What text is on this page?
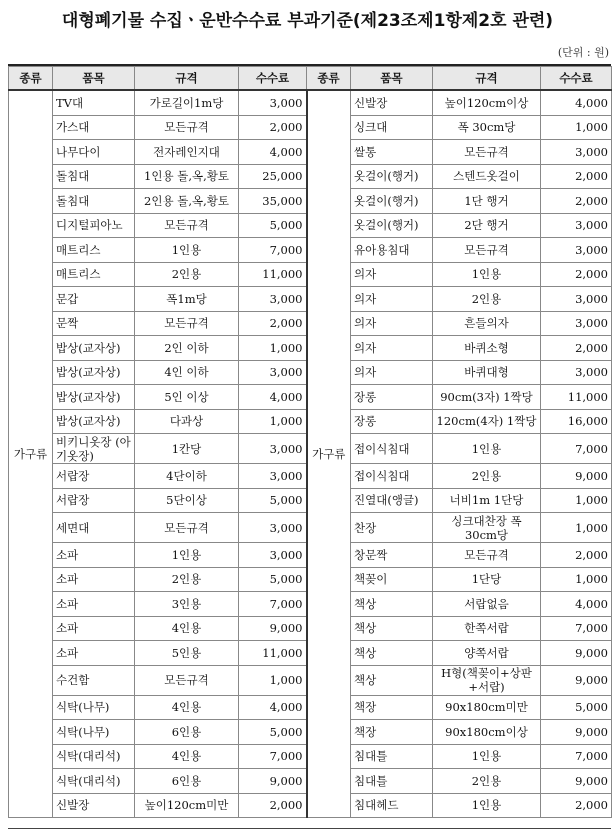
대형폐기물 수집ㆍ운반수수료 부과기준(제23조제1항제2호 관련)
(단위 : 원)
종류	품목	규격	수수료	종류	품목	규격	수수료
가구류	TV대	가로길이1m당	3,000	가구류	신발장	높이120cm이상	4,000
	가스대	모든규격	2,000		싱크대	폭 30cm당	1,000
	나무다이	전자레인지대	4,000		쌀통	모든규격	3,000
	돌침대	1인용 돌,옥,황토	25,000		옷걸이(행거)	스텐드옷걸이	2,000
	돌침대	2인용 돌,옥,황토	35,000		옷걸이(행거)	1단 행거	2,000
	디지털피아노	모든규격	5,000		옷걸이(행거)	2단 행거	3,000
	매트리스	1인용	7,000		유아용침대	모든규격	3,000
	매트리스	2인용	11,000		의자	1인용	2,000
	문갑	폭1m당	3,000		의자	2인용	3,000
	문짝	모든규격	2,000		의자	흔들의자	3,000
	밥상(교자상)	2인 이하	1,000		의자	바퀴소형	2,000
	밥상(교자상)	4인 이하	3,000		의자	바퀴대형	3,000
	밥상(교자상)	5인 이상	4,000		장롱	90cm(3자) 1짝당	11,000
	밥상(교자상)	다과상	1,000		장롱	120cm(4자) 1짝당	16,000
	비키니옷장 (아기옷장)	1칸당	3,000		접이식침대	1인용	7,000
	서랍장	4단이하	3,000		접이식침대	2인용	9,000
	서랍장	5단이상	5,000		진열대(앵글)	너비1m 1단당	1,000
	세면대	모든규격	3,000		찬장	싱크대찬장 폭30cm당	1,000
	소파	1인용	3,000		창문짝	모든규격	2,000
	소파	2인용	5,000		책꽂이	1단당	1,000
	소파	3인용	7,000		책상	서랍없음	4,000
	소파	4인용	9,000		책상	한쪽서랍	7,000
	소파	5인용	11,000		책상	양쪽서랍	9,000
	수건함	모든규격	1,000		책상	H형(책꽂이+상판 +서랍)	9,000
	식탁(나무)	4인용	4,000		책장	90x180cm미만	5,000
	식탁(나무)	6인용	5,000		책장	90x180cm이상	9,000
	식탁(대리석)	4인용	7,000		침대틀	1인용	7,000
	식탁(대리석)	6인용	9,000		침대틀	2인용	9,000
	신발장	높이120cm미만	2,000		침대헤드	1인용	2,000
